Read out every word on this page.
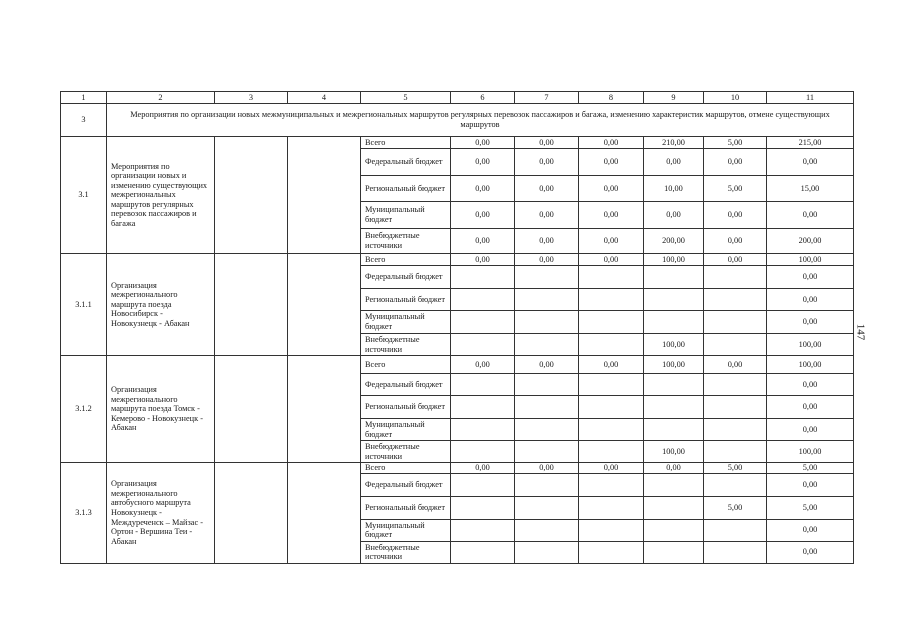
147
1	2	3	4	5	6	7	8	9	10	11
3	Мероприятия по организации новых межмуниципальных и межрегиональных маршрутов регулярных перевозок пассажиров и багажа, изменению характеристик маршрутов, отмене существующих маршрутов									
3.1	Мероприятия по организации новых и изменению существующих межрегиональных маршрутов регулярных перевозок пассажиров и багажа			Всего	0,00	0,00	0,00	210,00	5,00	215,00
				Федеральный бюджет	0,00	0,00	0,00	0,00	0,00	0,00
				Региональный бюджет	0,00	0,00	0,00	10,00	5,00	15,00
				Муниципальный бюджет	0,00	0,00	0,00	0,00	0,00	0,00
				Внебюджетные источники	0,00	0,00	0,00	200,00	0,00	200,00
3.1.1	Организация межрегионального маршрута поезда Новосибирск - Новокузнецк - Абакан			Всего	0,00	0,00	0,00	100,00	0,00	100,00
				Федеральный бюджет						0,00
				Региональный бюджет						0,00
				Муниципальный бюджет						0,00
				Внебюджетные источники				100,00		100,00
3.1.2	Организация межрегионального маршрута поезда Томск - Кемерово - Новокузнецк - Абакан			Всего	0,00	0,00	0,00	100,00	0,00	100,00
				Федеральный бюджет						0,00
				Региональный бюджет						0,00
				Муниципальный бюджет						0,00
				Внебюджетные источники				100,00		100,00
3.1.3	Организация межрегионального автобусного маршрута Новокузнецк - Междуреченск – Майзас - Ортон - Вершина Теи - Абакан			Всего	0,00	0,00	0,00	0,00	5,00	5,00
				Федеральный бюджет						0,00
				Региональный бюджет					5,00	5,00
				Муниципальный бюджет						0,00
				Внебюджетные источники						0,00
